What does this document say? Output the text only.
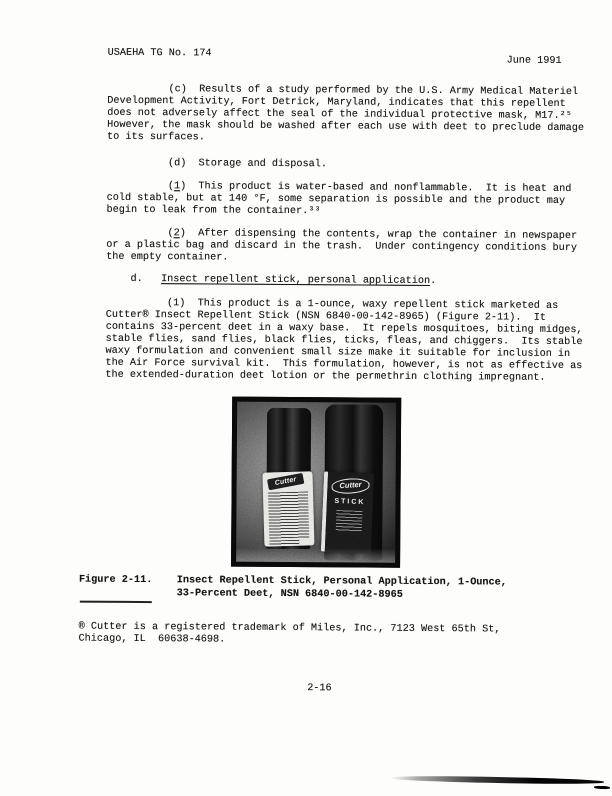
USAEHA TG No. 174
June 1991
(c)  Results of a study performed by the U.S. Army Medical Materiel
Development Activity, Fort Detrick, Maryland, indicates that this repellent
does not adversely affect the seal of the individual protective mask, M17.²⁵
However, the mask should be washed after each use with deet to preclude damage
to its surfaces.
(d)  Storage and disposal.
(1)  This product is water-based and nonflammable.  It is heat and
cold stable, but at 140 °F, some separation is possible and the product may
begin to leak from the container.³³
(2)  After dispensing the contents, wrap the container in newspaper
or a plastic bag and discard in the trash.  Under contingency conditions bury
the empty container.
d.   Insect repellent stick, personal application.
(1)  This product is a 1-ounce, waxy repellent stick marketed as
Cutter® Insect Repellent Stick (NSN 6840-00-142-8965) (Figure 2-11).  It
contains 33-percent deet in a waxy base.  It repels mosquitoes, biting midges,
stable flies, sand flies, black flies, ticks, fleas, and chiggers.  Its stable
waxy formulation and convenient small size make it suitable for inclusion in
the Air Force survival kit.  This formulation, however, is not as effective as
the extended-duration deet lotion or the permethrin clothing impregnant.
Figure 2-11.    Insect Repellent Stick, Personal Application, 1-Ounce,
33-Percent Deet, NSN 6840-00-142-8965
® Cutter is a registered trademark of Miles, Inc., 7123 West 65th St,
Chicago, IL  60638-4698.
2-16
